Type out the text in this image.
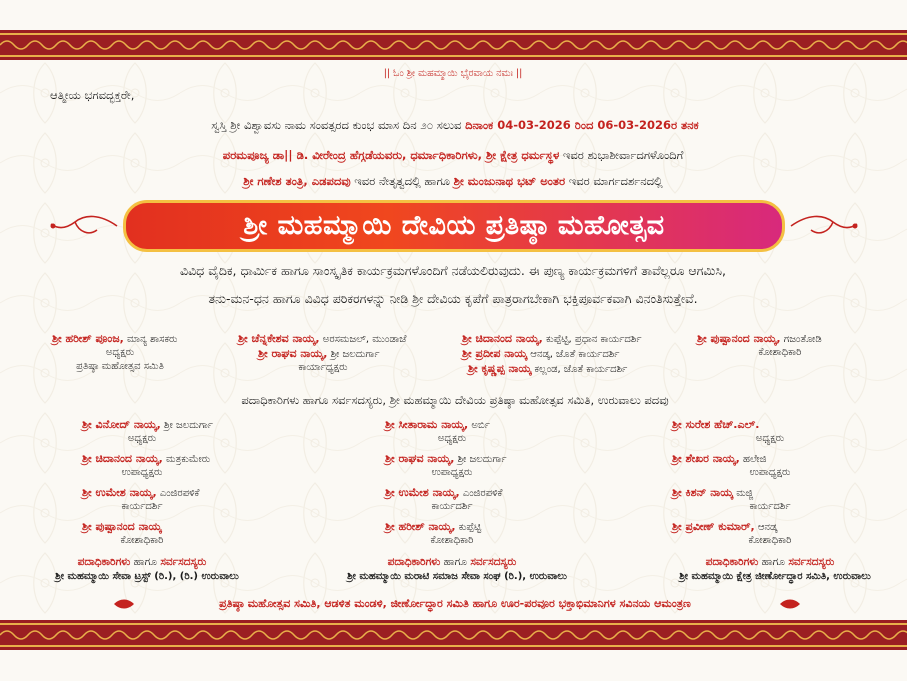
|| ಓಂ ಶ್ರೀ ಮಹಮ್ಮಾಯಿ ಭೈರವಾಯ ನಮಃ ||
ಆತ್ಮೀಯ ಭಗವದ್ಭಕ್ತರೇ,
ಸ್ವಸ್ತಿ ಶ್ರೀ ವಿಶ್ವಾವಸು ನಾಮ ಸಂವತ್ಸರದ ಕುಂಭ ಮಾಸ ದಿನ ೨೦ ಸಲುವ ದಿನಾಂಕ 04-03-2026 ರಿಂದ 06-03-2026ರ ತನಕ
ಪರಮಪೂಜ್ಯ ಡಾ|| ಡಿ. ವೀರೇಂದ್ರ ಹೆಗ್ಗಡೆಯವರು, ಧರ್ಮಾಧಿಕಾರಿಗಳು, ಶ್ರೀ ಕ್ಷೇತ್ರ ಧರ್ಮಸ್ಥಳ ಇವರ ಶುಭಾಶೀರ್ವಾದಗಳೊಂದಿಗೆ
ಶ್ರೀ ಗಣೇಶ ತಂತ್ರಿ, ಎಡಪದವು ಇವರ ನೇತೃತ್ವದಲ್ಲಿ ಹಾಗೂ ಶ್ರೀ ಮಂಜುನಾಥ ಭಟ್ ಅಂತರ ಇವರ ಮಾರ್ಗದರ್ಶನದಲ್ಲಿ
ಶ್ರೀ ಮಹಮ್ಮಾಯಿ ದೇವಿಯ ಪ್ರತಿಷ್ಠಾ ಮಹೋತ್ಸವ
ವಿವಿಧ ವೈದಿಕ, ಧಾರ್ಮಿಕ ಹಾಗೂ ಸಾಂಸ್ಕೃತಿಕ ಕಾರ್ಯಕ್ರಮಗಳೊಂದಿಗೆ ನಡೆಯಲಿರುವುದು. ಈ ಪುಣ್ಯ ಕಾರ್ಯಕ್ರಮಗಳಿಗೆ ತಾವೆಲ್ಲರೂ ಆಗಮಿಸಿ,
ತನು-ಮನ-ಧನ ಹಾಗೂ ವಿವಿಧ ಪರಿಕರಗಳನ್ನು ನೀಡಿ ಶ್ರೀ ದೇವಿಯ ಕೃಪೆಗೆ ಪಾತ್ರರಾಗಬೇಕಾಗಿ ಭಕ್ತಿಪೂರ್ವಕವಾಗಿ ವಿನಂತಿಸುತ್ತೇವೆ.
ಶ್ರೀ ಹರೀಶ್ ಪೂಂಜ, ಮಾನ್ಯ ಶಾಸಕರು
ಅಧ್ಯಕ್ಷರು
ಪ್ರತಿಷ್ಠಾ ಮಹೋತ್ಸವ ಸಮಿತಿ
ಶ್ರೀ ಚೆನ್ನಕೇಶವ ನಾಯ್ಕ, ಅರಸಮಜಲ್, ಮುಂಡಾಜೆ
ಶ್ರೀ ರಾಘವ ನಾಯ್ಕ, ಶ್ರೀ ಜಲದುರ್ಗಾ
ಕಾರ್ಯಾಧ್ಯಕ್ಷರು
ಶ್ರೀ ಚಿದಾನಂದ ನಾಯ್ಕ, ಕುಪ್ಪೆಟ್ಟಿ, ಪ್ರಧಾನ ಕಾರ್ಯದರ್ಶಿ
ಶ್ರೀ ಪ್ರದೀಪ ನಾಯ್ಕ ಆನಡ್ಕ, ಜೊತೆ ಕಾರ್ಯದರ್ಶಿ
ಶ್ರೀ ಕೃಷ್ಣಪ್ಪ ನಾಯ್ಕ ಕಲ್ಲಂಡ, ಜೊತೆ ಕಾರ್ಯದರ್ಶಿ
ಶ್ರೀ ಪುಷ್ಪಾನಂದ ನಾಯ್ಕ, ಗಜಂತೋಡಿ
ಕೋಶಾಧಿಕಾರಿ
ಪದಾಧಿಕಾರಿಗಳು ಹಾಗೂ ಸರ್ವಸದಸ್ಯರು, ಶ್ರೀ ಮಹಮ್ಮಾಯಿ ದೇವಿಯ ಪ್ರತಿಷ್ಠಾ ಮಹೋತ್ಸವ ಸಮಿತಿ, ಉರುವಾಲು ಪದವು
ಶ್ರೀ ವಿನೋದ್ ನಾಯ್ಕ, ಶ್ರೀ ಜಲದುರ್ಗಾ
ಅಧ್ಯಕ್ಷರು
ಶ್ರೀ ಚಿದಾನಂದ ನಾಯ್ಕ, ಮತ್ರಕುಮೇರು
ಉಪಾಧ್ಯಕ್ಷರು
ಶ್ರೀ ಉಮೇಶ ನಾಯ್ಕ, ಎಂಜಿರಪಳಿಕೆ
ಕಾರ್ಯದರ್ಶಿ
ಶ್ರೀ ಪುಷ್ಪಾನಂದ ನಾಯ್ಕ
ಕೋಶಾಧಿಕಾರಿ
ಪದಾಧಿಕಾರಿಗಳು ಹಾಗೂ ಸರ್ವಸದಸ್ಯರು
ಶ್ರೀ ಮಹಮ್ಮಾಯಿ ಸೇವಾ ಟ್ರಸ್ಟ್ (ರಿ.), (ರಿ.) ಉರುವಾಲು
ಶ್ರೀ ಸೀತಾರಾಮ ನಾಯ್ಕ, ಅರ್ಬಿ
ಅಧ್ಯಕ್ಷರು
ಶ್ರೀ ರಾಘವ ನಾಯ್ಕ, ಶ್ರೀ ಜಲದುರ್ಗಾ
ಉಪಾಧ್ಯಕ್ಷರು
ಶ್ರೀ ಉಮೇಶ ನಾಯ್ಕ, ಎಂಜಿರಪಳಿಕೆ
ಕಾರ್ಯದರ್ಶಿ
ಶ್ರೀ ಹರೀಶ್ ನಾಯ್ಕ, ಕುಪ್ಪೆಟ್ಟಿ
ಕೋಶಾಧಿಕಾರಿ
ಪದಾಧಿಕಾರಿಗಳು ಹಾಗೂ ಸರ್ವಸದಸ್ಯರು
ಶ್ರೀ ಮಹಮ್ಮಾಯಿ ಮರಾಟಿ ಸಮಾಜ ಸೇವಾ ಸಂಘ (ರಿ.), ಉರುವಾಲು
ಶ್ರೀ ಸುರೇಶ ಹೆಚ್.ಎಲ್.
ಅಧ್ಯಕ್ಷರು
ಶ್ರೀ ಶೇಖರ ನಾಯ್ಕ, ಹಲೇಜಿ
ಉಪಾಧ್ಯಕ್ಷರು
ಶ್ರೀ ಕಿಶನ್ ನಾಯ್ಕ ಮಜ್ಜಿ
ಕಾರ್ಯದರ್ಶಿ
ಶ್ರೀ ಪ್ರವೀಣ್ ಕುಮಾರ್, ಆನಡ್ಕ
ಕೋಶಾಧಿಕಾರಿ
ಪದಾಧಿಕಾರಿಗಳು ಹಾಗೂ ಸರ್ವಸದಸ್ಯರು
ಶ್ರೀ ಮಹಮ್ಮಾಯಿ ಕ್ಷೇತ್ರ ಜೀರ್ಣೋದ್ಧಾರ ಸಮಿತಿ, ಉರುವಾಲು
ಪ್ರತಿಷ್ಠಾ ಮಹೋತ್ಸವ ಸಮಿತಿ, ಆಡಳಿತ ಮಂಡಳಿ, ಜೀರ್ಣೋದ್ಧಾರ ಸಮಿತಿ ಹಾಗೂ ಊರ-ಪರವೂರ ಭಕ್ತಾಭಿಮಾನಿಗಳ ಸವಿನಯ ಆಮಂತ್ರಣ
